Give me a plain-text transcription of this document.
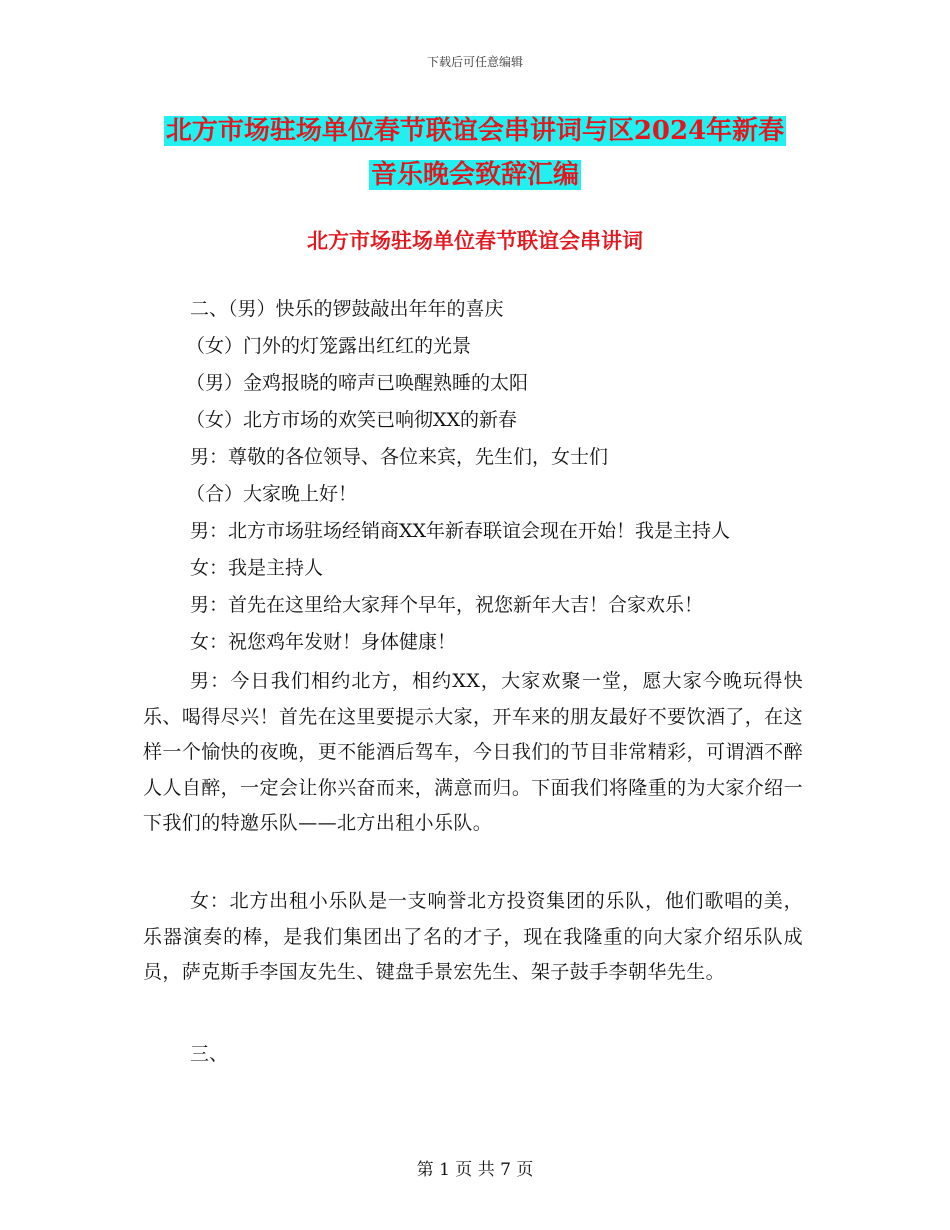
下载后可任意编辑
北方市场驻场单位春节联谊会串讲词与区2024年新春
音乐晚会致辞汇编
北方市场驻场单位春节联谊会串讲词
二、（男）快乐的锣鼓敲出年年的喜庆
（女）门外的灯笼露出红红的光景
（男）金鸡报晓的啼声已唤醒熟睡的太阳
（女）北方市场的欢笑已响彻XX的新春
男：尊敬的各位领导、各位来宾，先生们，女士们
（合）大家晚上好！
男：北方市场驻场经销商XX年新春联谊会现在开始！我是主持人
女：我是主持人
男：首先在这里给大家拜个早年，祝您新年大吉！合家欢乐！
女：祝您鸡年发财！身体健康！
男：今日我们相约北方，相约XX，大家欢聚一堂，愿大家今晚玩得快乐、喝得尽兴！首先在这里要提示大家，开车来的朋友最好不要饮酒了，在这样一个愉快的夜晚，更不能酒后驾车，今日我们的节目非常精彩，可谓酒不醉人人自醉，一定会让你兴奋而来，满意而归。下面我们将隆重的为大家介绍一下我们的特邀乐队——北方出租小乐队。
女：北方出租小乐队是一支响誉北方投资集团的乐队，他们歌唱的美，乐器演奏的棒，是我们集团出了名的才子，现在我隆重的向大家介绍乐队成员，萨克斯手李国友先生、键盘手景宏先生、架子鼓手李朝华先生。
三、
第 1 页 共 7 页
